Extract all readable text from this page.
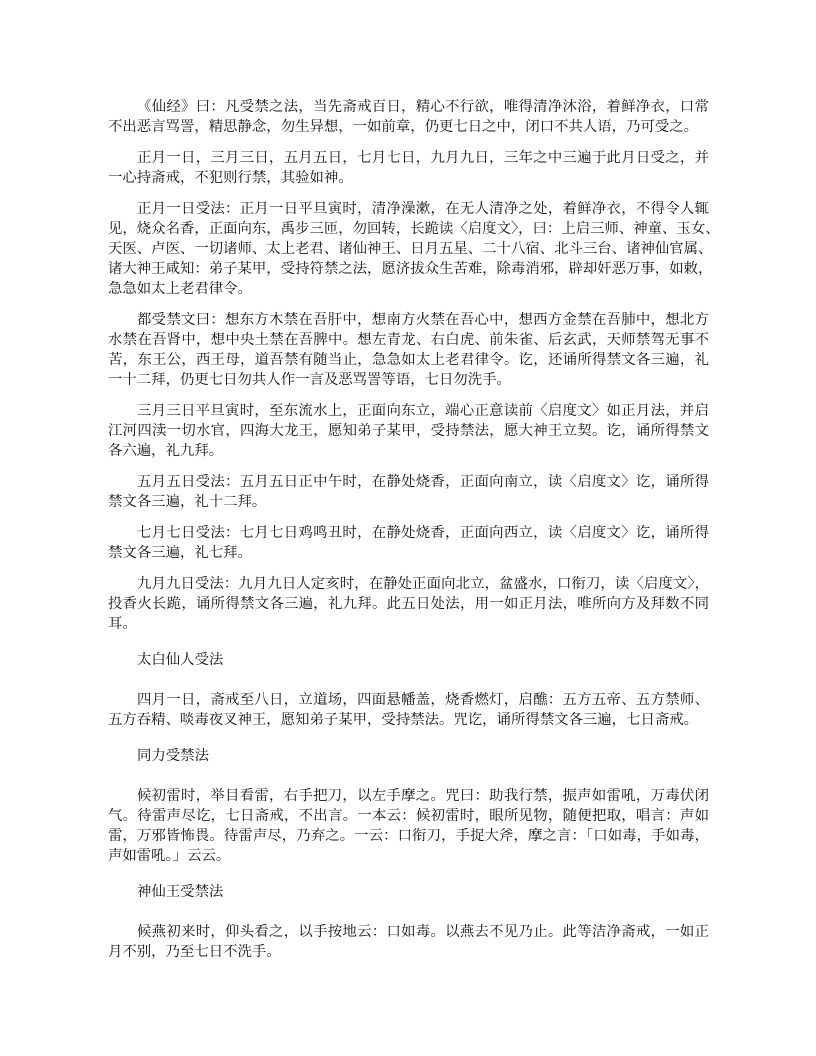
《仙经》曰：凡受禁之法，当先斋戒百日，精心不行欲，唯得清净沐浴，着鲜净衣，口常
不出恶言骂詈，精思静念，勿生异想，一如前章，仍更七日之中，闭口不共人语，乃可受之。
正月一日，三月三日，五月五日，七月七日，九月九日，三年之中三遍于此月日受之，并
一心持斋戒，不犯则行禁，其验如神。
正月一日受法：正月一日平旦寅时，清净澡漱，在无人清净之处，着鲜净衣，不得令人辄
见，烧众名香，正面向东，禹步三匝，勿回转，长跪读〈启度文〉，曰：上启三师、神童、玉女、
天医、卢医、一切诸师、太上老君、诸仙神王、日月五星、二十八宿、北斗三台、诸神仙官属、
诸大神王咸知：弟子某甲，受持符禁之法，愿济拔众生苦难，除毒消邪，辟却奸恶万事，如敕，
急急如太上老君律令。
都受禁文曰：想东方木禁在吾肝中，想南方火禁在吾心中，想西方金禁在吾肺中，想北方
水禁在吾肾中，想中央土禁在吾脾中。想左青龙、右白虎、前朱雀、后玄武，天师禁驾无事不
苦，东王公，西王母，道吾禁有随当止，急急如太上老君律令。讫，还诵所得禁文各三遍，礼
一十二拜，仍更七日勿共人作一言及恶骂詈等语，七日勿洗手。
三月三日平旦寅时，至东流水上，正面向东立，端心正意读前〈启度文〉如正月法，并启
江河四渎一切水官，四海大龙王，愿知弟子某甲，受持禁法，愿大神王立契。讫，诵所得禁文
各六遍，礼九拜。
五月五日受法：五月五日正中午时，在静处烧香，正面向南立，读〈启度文〉讫，诵所得
禁文各三遍，礼十二拜。
七月七日受法：七月七日鸡鸣丑时，在静处烧香，正面向西立，读〈启度文〉讫，诵所得
禁文各三遍，礼七拜。
九月九日受法：九月九日人定亥时，在静处正面向北立，盆盛水，口衔刀，读〈启度文〉，
投香火长跪，诵所得禁文各三遍，礼九拜。此五日处法，用一如正月法，唯所向方及拜数不同
耳。
太白仙人受法
四月一日，斋戒至八日，立道场，四面悬幡盖，烧香燃灯，启醮：五方五帝、五方禁师、
五方吞精、啖毒夜叉神王，愿知弟子某甲，受持禁法。咒讫，诵所得禁文各三遍，七日斋戒。
同力受禁法
候初雷时，举目看雷，右手把刀，以左手摩之。咒曰：助我行禁，振声如雷吼，万毒伏闭
气。待雷声尽讫，七日斋戒，不出言。一本云：候初雷时，眼所见物，随便把取，唱言：声如
雷，万邪皆怖畏。待雷声尽，乃弃之。一云：口衔刀，手捉大斧，摩之言：「口如毒，手如毒，
声如雷吼。」云云。
神仙王受禁法
候燕初来时，仰头看之，以手按地云：口如毒。以燕去不见乃止。此等洁净斋戒，一如正
月不别，乃至七日不洗手。
